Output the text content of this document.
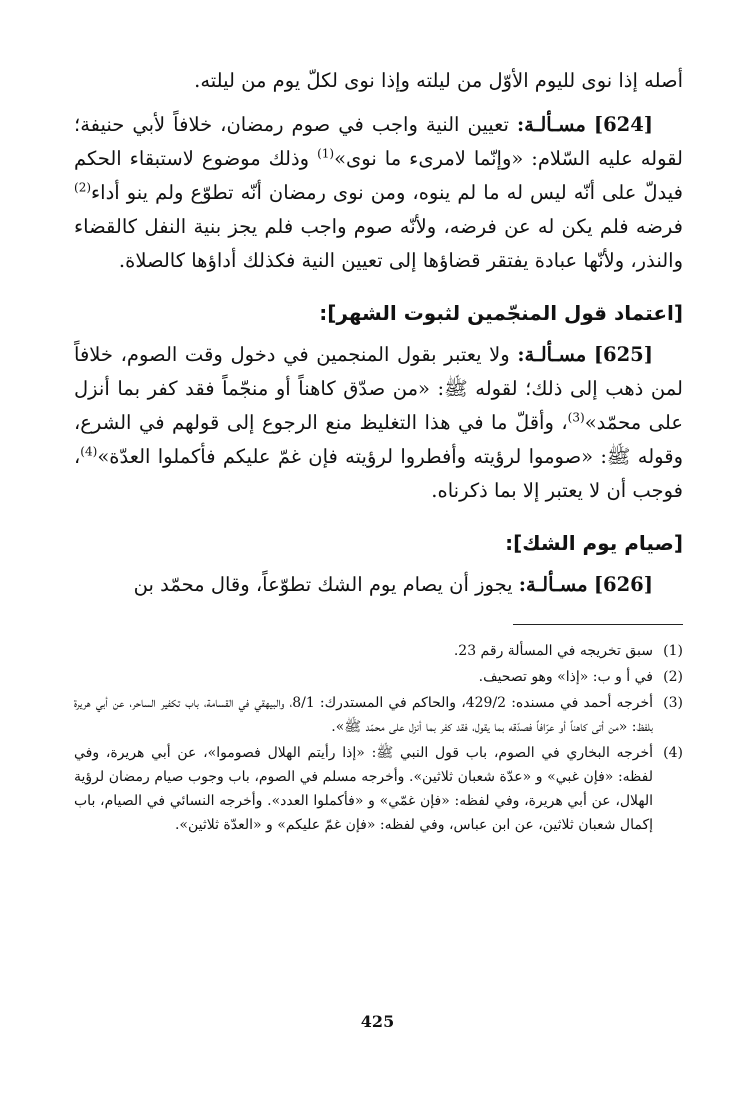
أصله إذا نوى لليوم الأوّل من ليلته وإذا نوى لكلّ يوم من ليلته.

[624] مسـألـة: تعيين النية واجب في صوم رمضان، خلافاً لأبي حنيفة؛ لقوله عليه السّلام: «وإنّما لامرىء ما نوى»$^{(1)}$ وذلك موضوع لاستبقاء الحكم فيدلّ على أنّه ليس له ما لم ينوه، ومن نوى رمضان أنّه تطوّع ولم ينو أداء$^{(2)}$ فرضه فلم يكن له عن فرضه، ولأنّه صوم واجب فلم يجز بنية النفل كالقضاء والنذر، ولأنّها عبادة يفتقر قضاؤها إلى تعيين النية فكذلك أداؤها كالصلاة.

[اعتماد قول المنجّمين لثبوت الشهر]:

[625] مسـألـة: ولا يعتبر بقول المنجمين في دخول وقت الصوم، خلافاً لمن ذهب إلى ذلك؛ لقوله ﷺ: «من صدّق كاهناً أو منجّماً فقد كفر بما أنزل على محمّد»$^{(3)}$، وأقلّ ما في هذا التغليظ منع الرجوع إلى قولهم في الشرع، وقوله ﷺ: «صوموا لرؤيته وأفطروا لرؤيته فإن غمّ عليكم فأكملوا العدّة»$^{(4)}$، فوجب أن لا يعتبر إلا بما ذكرناه.

[صيام يوم الشك]:

[626] مسـألـة: يجوز أن يصام يوم الشك تطوّعاً، وقال محمّد بن

(1)
سبق تخريجه في المسألة رقم 23.
(2)
في أ و ب: «إذا» وهو تصحيف.
(3)
أخرجه أحمد في مسنده: 429/2، والحاكم في المستدرك: 8/1، والبيهقي في القسامة، باب تكفير الساحر، عن أبي هريرة بلفظ: «من أتى كاهناً أو عرّافاً فصدّقه بما يقول، فقد كفر بما أنزل على محمّد ﷺ».
(4)
أخرجه البخاري في الصوم، باب قول النبي ﷺ: «إذا رأيتم الهلال فصوموا»، عن أبي هريرة، وفي لفظه: «فإن غبي» و «عدّة شعبان ثلاثين». وأخرجه مسلم في الصوم، باب وجوب صيام رمضان لرؤية الهلال، عن أبي هريرة، وفي لفظه: «فإن غمّي» و «فأكملوا العدد». وأخرجه النسائي في الصيام، باب إكمال شعبان ثلاثين، عن ابن عباس، وفي لفظه: «فإن غمّ عليكم» و «العدّة ثلاثين».
425
